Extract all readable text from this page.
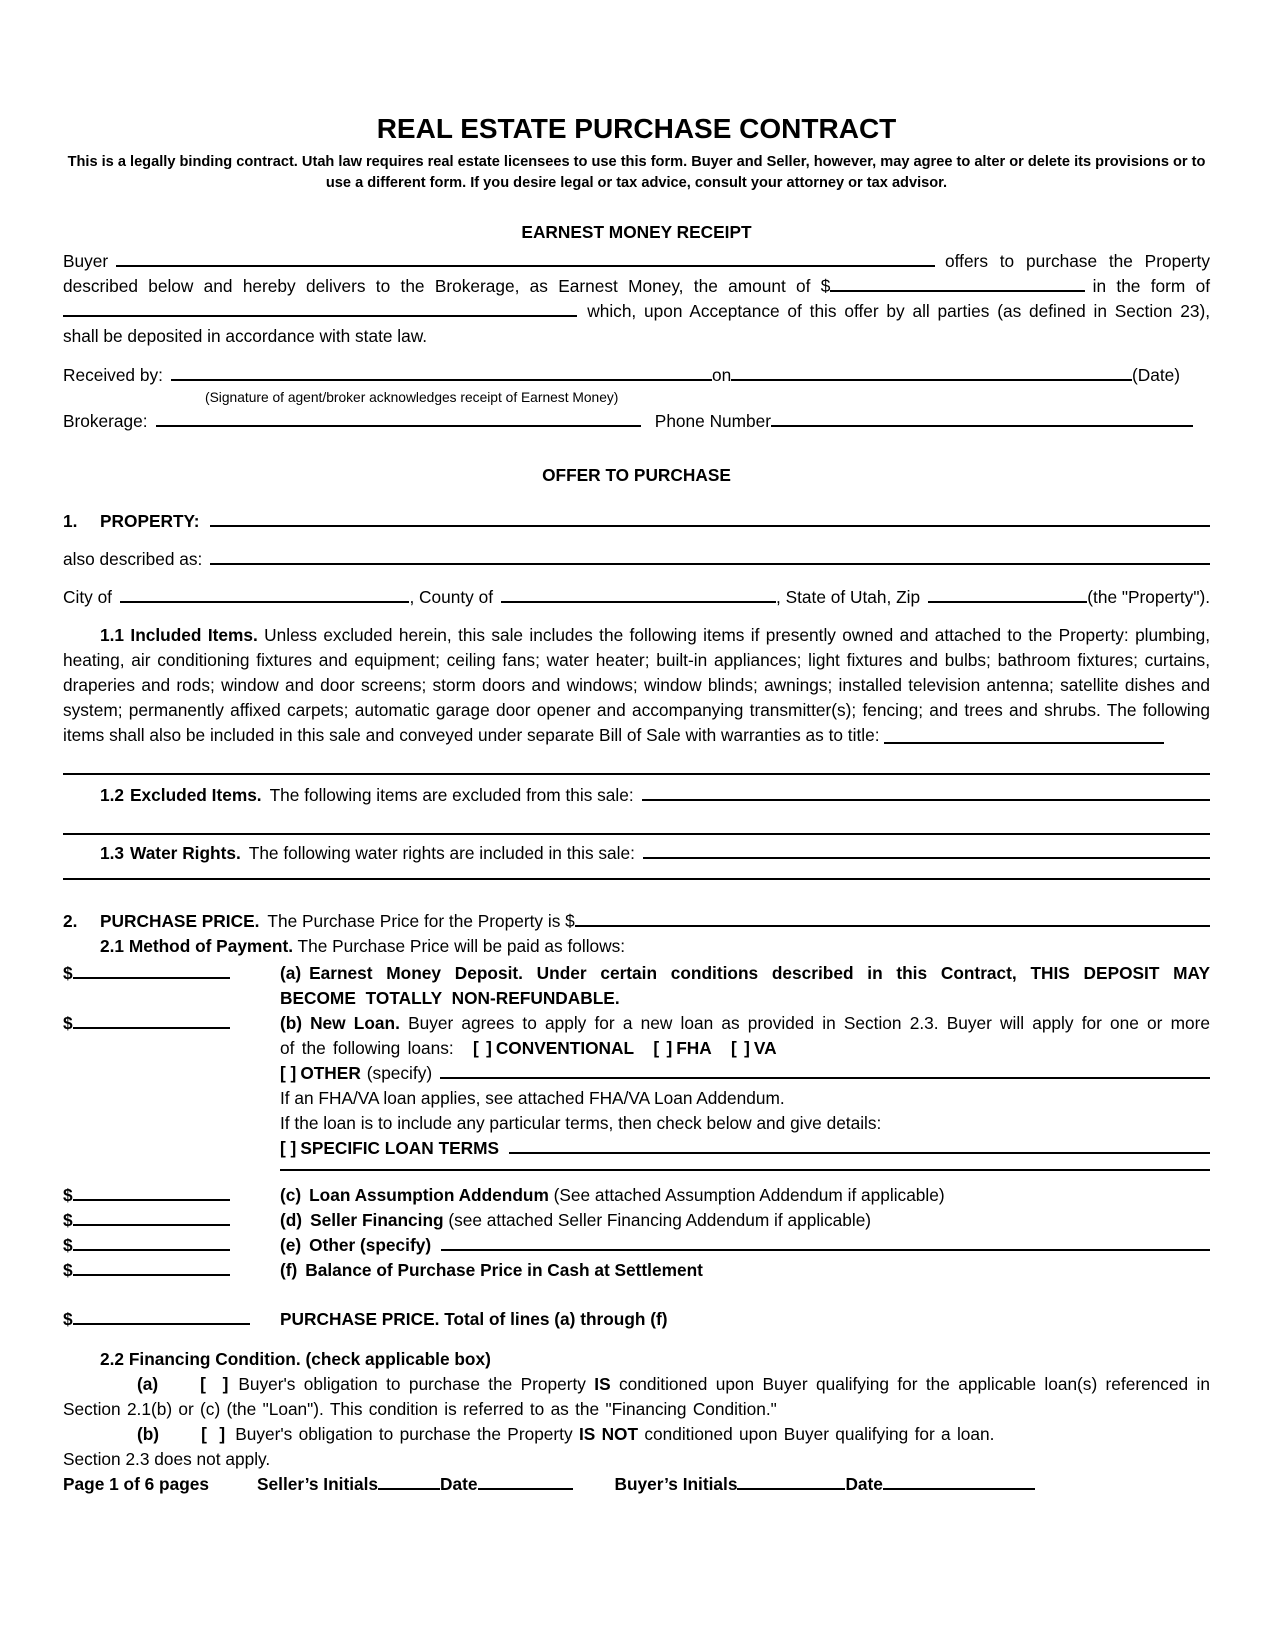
REAL ESTATE PURCHASE CONTRACT
This is a legally binding contract. Utah law requires real estate licensees to use this form. Buyer and Seller, however, may agree to alter or delete its provisions or to use a different form. If you desire legal or tax advice, consult your attorney or tax advisor.
EARNEST MONEY RECEIPT
Buyer	offers to purchase the Property
described below and hereby delivers to the Brokerage, as Earnest Money, the amount of $	in the form of
which, upon Acceptance of this offer by all parties (as defined in Section 23),
shall be deposited in accordance with state law.
Received by:	on	(Date)
(Signature of agent/broker acknowledges receipt of Earnest Money)
Brokerage:	Phone Number
OFFER TO PURCHASE
1.	PROPERTY:
also described as:
City of	, County of	, State of Utah, Zip	(the "Property").
1.1 Included Items. Unless excluded herein, this sale includes the following items if presently owned and attached to the Property: plumbing, heating, air conditioning fixtures and equipment; ceiling fans; water heater; built-in appliances; light fixtures and bulbs; bathroom fixtures; curtains, draperies and rods; window and door screens; storm doors and windows; window blinds; awnings; installed television antenna; satellite dishes and system; permanently affixed carpets; automatic garage door opener and accompanying transmitter(s); fencing; and trees and shrubs. The following items shall also be included in this sale and conveyed under separate Bill of Sale with warranties as to title:
1.2 Excluded Items. The following items are excluded from this sale:
1.3 Water Rights. The following water rights are included in this sale:
2.	PURCHASE PRICE. The Purchase Price for the Property is $
2.1 Method of Payment. The Purchase Price will be paid as follows:
$	(a) Earnest Money Deposit. Under certain conditions described in this Contract, THIS DEPOSIT MAY BECOME TOTALLY NON-REFUNDABLE.
$	(b) New Loan. Buyer agrees to apply for a new loan as provided in Section 2.3. Buyer will apply for one or more of the following loans: [ ] CONVENTIONAL [ ] FHA [ ] VA
[ ] OTHER (specify)
If an FHA/VA loan applies, see attached FHA/VA Loan Addendum.
If the loan is to include any particular terms, then check below and give details:
[ ] SPECIFIC LOAN TERMS
$	(c) Loan Assumption Addendum (See attached Assumption Addendum if applicable)
$	(d) Seller Financing (see attached Seller Financing Addendum if applicable)
$	(e) Other (specify)
$	(f) Balance of Purchase Price in Cash at Settlement
$	PURCHASE PRICE. Total of lines (a) through (f)
2.2 Financing Condition. (check applicable box)
(a) [  ] Buyer's obligation to purchase the Property IS conditioned upon Buyer qualifying for the applicable loan(s) referenced in Section 2.1(b) or (c) (the "Loan"). This condition is referred to as the "Financing Condition."
(b) [  ] Buyer's obligation to purchase the Property IS NOT conditioned upon Buyer qualifying for a loan.
Section 2.3 does not apply.
Page 1 of 6 pages	Seller’s Initials	Date	Buyer’s Initials	Date
